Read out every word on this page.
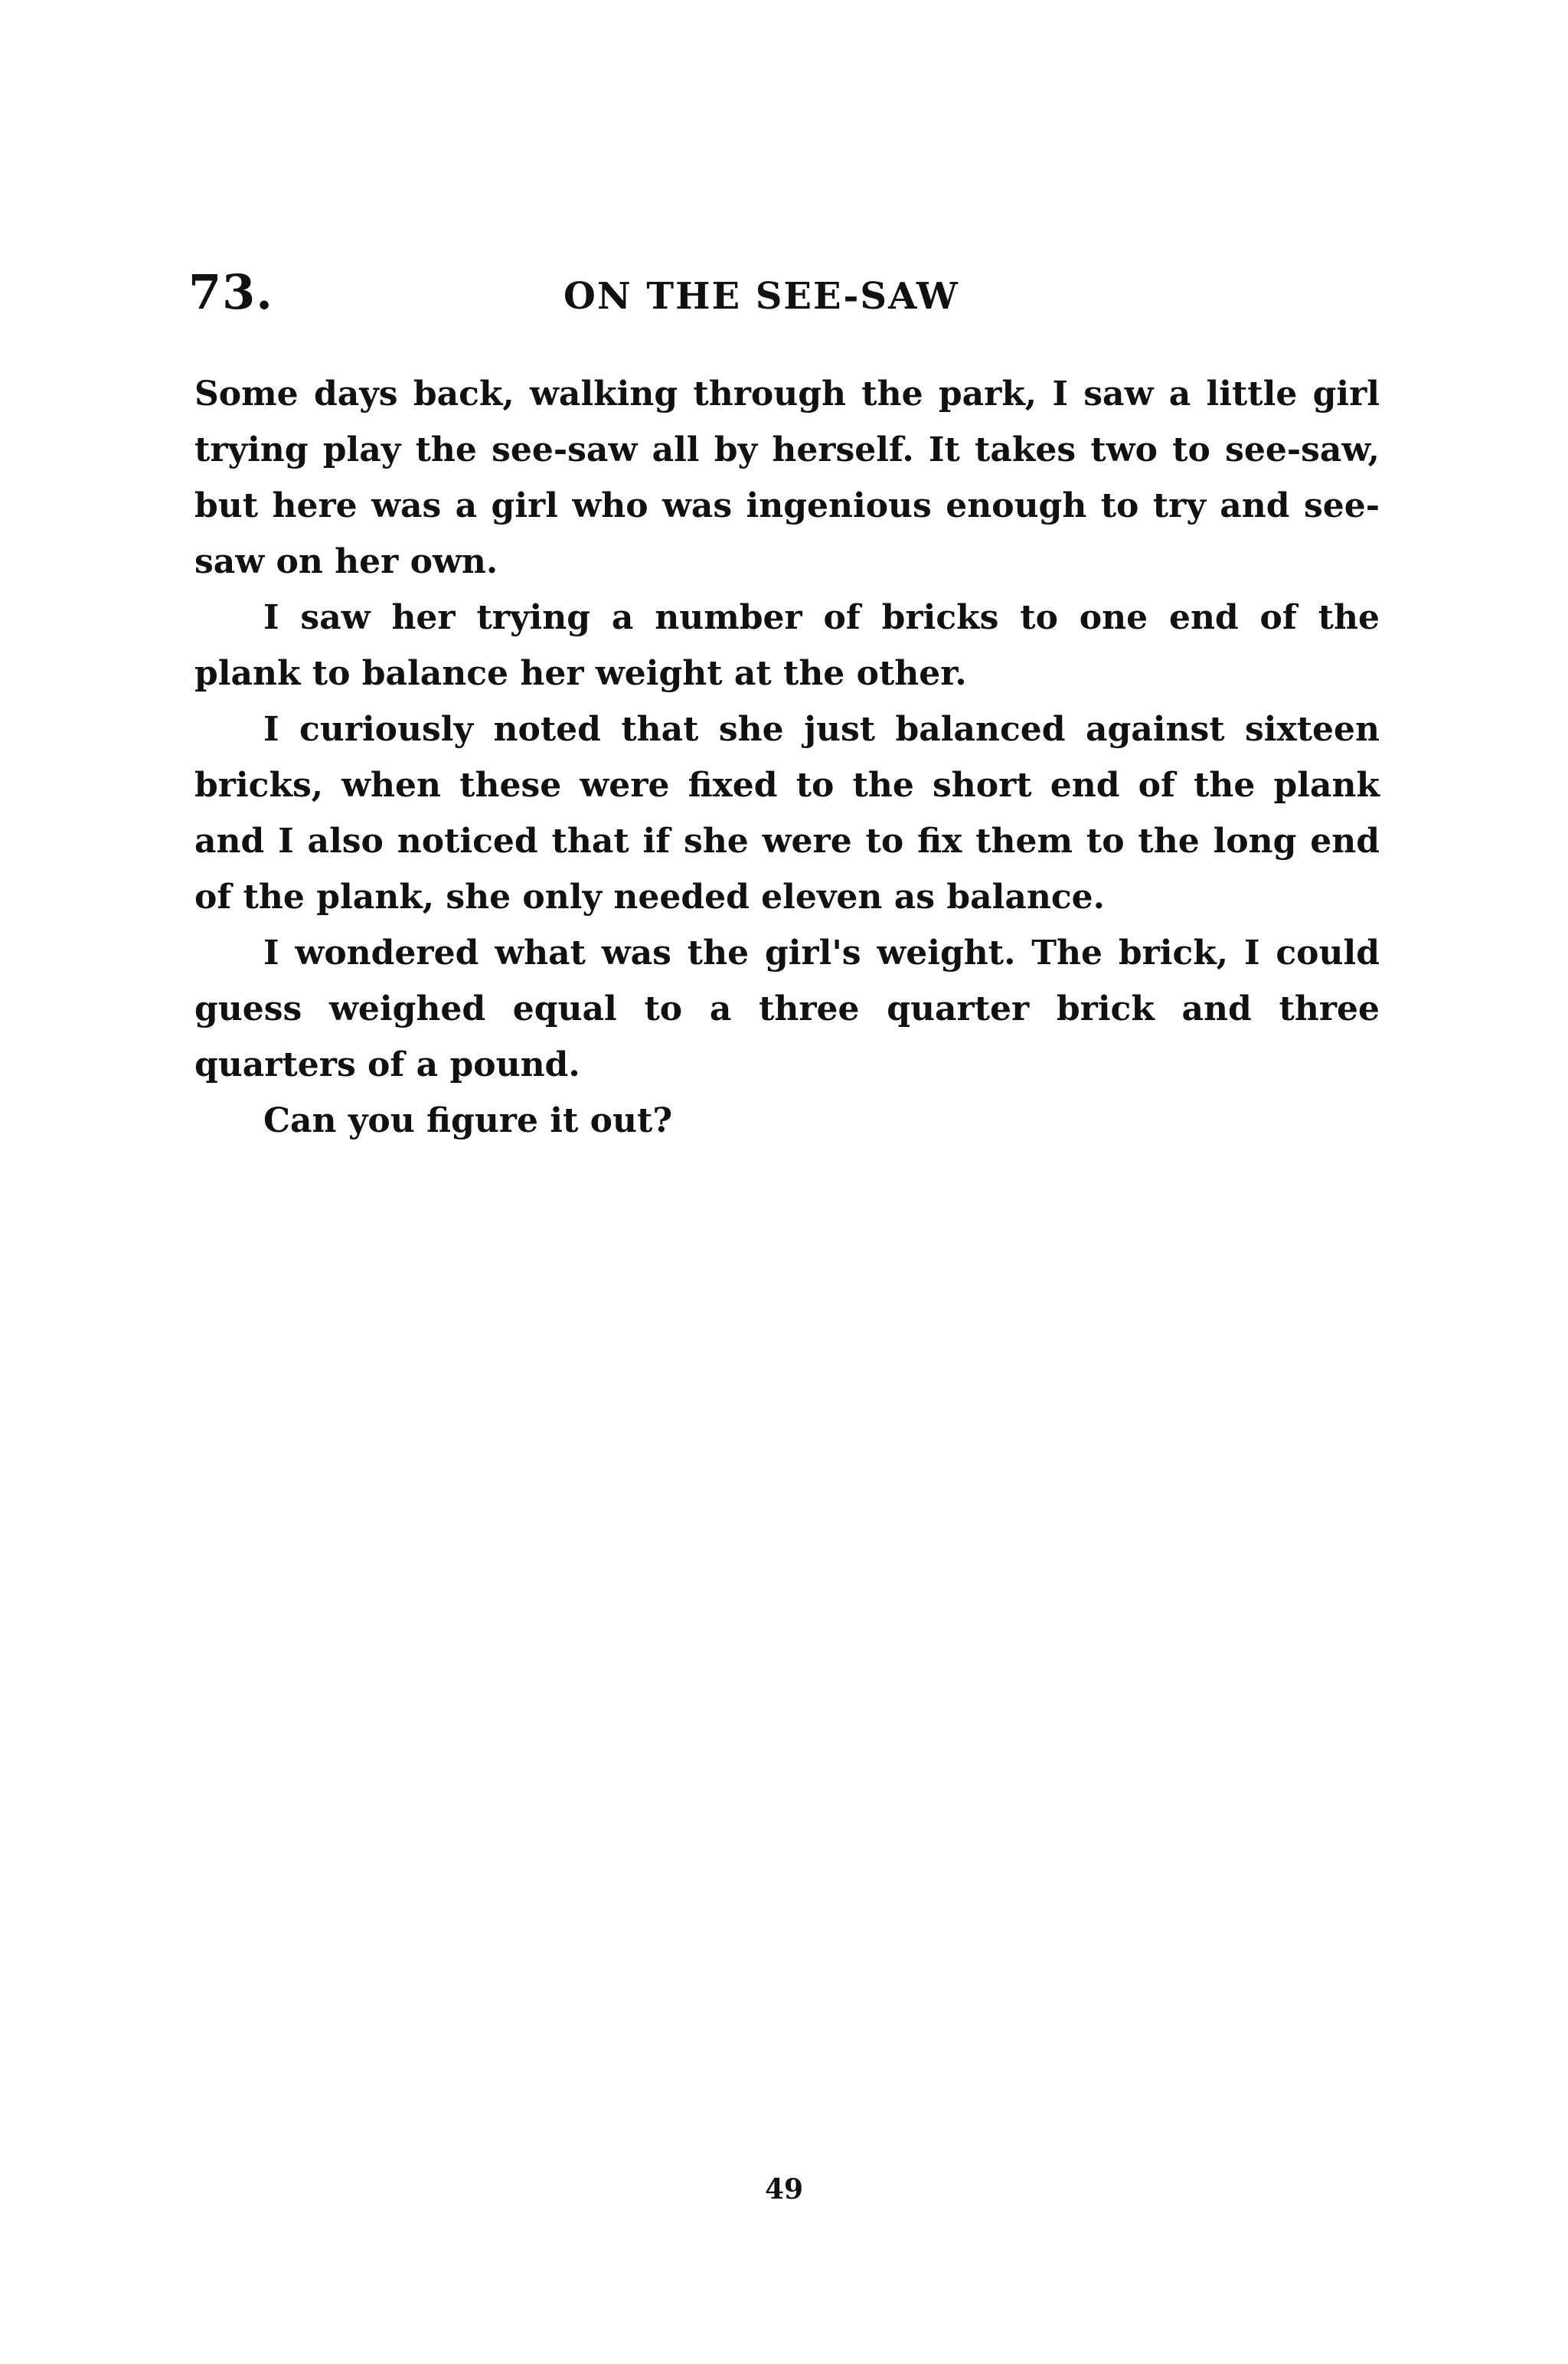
73.	ON THE SEE-SAW

Some days back, walking through the park, I saw a little girl trying play the see-saw all by herself. It takes two to see-saw, but here was a girl who was ingenious enough to try and see-saw on her own.

I saw her trying a number of bricks to one end of the plank to balance her weight at the other.

I curiously noted that she just balanced against sixteen bricks, when these were fixed to the short end of the plank and I also noticed that if she were to fix them to the long end of the plank, she only needed eleven as balance.

I wondered what was the girl's weight. The brick, I could guess weighed equal to a three quarter brick and three quarters of a pound.

Can you figure it out?

49
